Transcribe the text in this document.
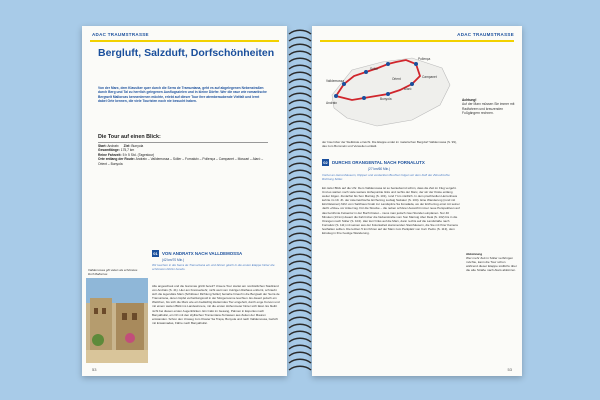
ADAC TRAUMSTRASSE
Bergluft, Salzduft, Dorfschönheiten
Von der Marx, dem Klassiker quer durch die Serra de Tramuntana, geht es auf abgelegenen Nebenstraßen durch Berg und Tal zu herrlich gelegenen Ausflugszielen und in kleine Dörfer. Wer die raue wie romantische Bergwelt Mallorcas kennenlernen möchte, erlebt auf dieser Tour ihre atemberaubende Vielfalt und lernt dabei Orte kennen, die viele Touristen noch nie besucht haben.
Die Tour auf einen Blick:
Start: Andratx Ziel: Bunyola
Gesamtlänge: 175,7 km
Reine Fahrzeit: 5 h 5 Std. (Tagestour)
Orte entlang der Route: Andratx – Valldemossa – Sóller – Fornalutx – Pollença – Campanet – Moscari – Alaró – Orient – Bunyola
01 VON ANDRATX NACH VALLDEMOSSA
(42 km/70 Min.)
Wir tauchen in die Serra de Tramuntana ein und fahren gleich in die ersten Etappe hinter die schönsten Dörfer bereits.
Valldemossa gilt vielen als schönstes Dorf Mallorcas
Alle angeschaut und die Gammas grüßt bereit? Unsere Tour startet am nordöstlichen Stadtrand von Andratx (S. 41). Hier am Kreisverkehr, nicht weit vom trutzigen Rathaus entfernt, schraubt sich die legendäre Marx (Schlösser Richtung Sóller) beinahe hinauf in die Bergwelt der Serra de Tramuntana, deren Gipfel verheißungsvoll in der Morgensonne leuchten. Es dauert jedoch ein Weilchen, bis sich die Marx wie ein bedächtig kletterndes Tier eingeholt, durch enge Kurven und mit einem weiten Blick ins Landesinnere, mit die ersten Höhenmeter hinter sich lässt. Es bleibt nicht bei diesen ersten Augenblicken. Ein Café im Gesang, Palmen in Esporles nach Banyalbufar, ein Ort mit den idyllischen Tramuntana-Terrassen aus Zeiten der Mauren entstanden. Schon den Umweg zum Kloster Sa Trapa, Bunyola und nach Valldemossa, Gehöft mit Ensaimadas, Fähre nach Banyalbufar.
53
ADAC TRAUMSTRASSE
Sóller
Valldemossa
Bunyola
Alaró
Pollença
Campanet
Orient
Andratx
Achtung!
Auf der Marx müssen Sie immer mit Radfahrern und kreuzenden Fußgängern rechnen.
der Insel über der Steilküste erreicht. Die Etappe endet im malerischen Bergdorf Valldemossa (S. 99), das zum Bummeln und Verweilen einlädt.
02 DURCHS ORANGENTAL NACH FORNALUTX
(27 km/60 Min.)
Vorbei an Herrenhäusern, Klippen und verdeckten Buchten folgen wir dem Duft der Zitrusfrüchte Richtung Sóller.
Ein tiefer Blick auf die Uhr. Dem Valldemossa ist so bezaubernd schön, dass die Zeit im Flug vergeht. Und es warten noch viele weitere Höhepunkte links und rechts der Marx, der wir der Küste entlang weiter folgen. Zunächst bis Son Marroig (S. 101), rund 7 km nördlich. In dem prachtvollen Herrenhaus kehrte im 19. Jh. der österreichische Erzherzog Ludwig Salvator (S. 104). Eine Wanderung (rund mit Einrittsteinen) führt vom Salzhaus hinab zur Landspitze Sa Foradada, wo der Erzherzog einst mit seiner Jacht «Nixe» vor Anker lag. Für die Strecke – die neben schöner Aussicht immer neue Perspektiven auf das berühmte Felsentor in der Bucht bietet – muss man jedoch zwei Stunden einplanen. Nur 40 Minuten (13 km) dauert die Fahrt über die Nebenstraße vom Son Marroig über Deià (S. 102) bis in die Orangen nach Sóller (S. 104). Hier kurz links auf die Marx, dann rechts auf die Landstraße nach Fornalutx (S. 111) mit seinen aus der Kolonialzeit stammenden Steinhäusern, die Sie mit Ihrer Kamera festhalten sollten. Die letzten 5 km führen auf der Marx zum Parkplatz von Ca'n Pedro (S. 113), dem Einstieg in Ihre heutige Wanderung.
Abkürzung
Wer mehr Zeit in Sóller verbringen möchte, kann die Tour schon während dieser Etappe südlichs über die alte Straße nach Alaró abkürzen.
53
